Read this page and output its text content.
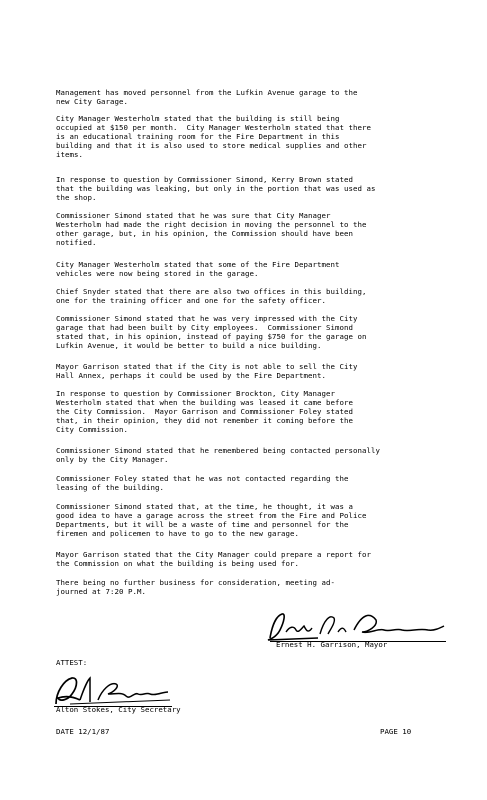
Management has moved personnel from the Lufkin Avenue garage to the
new City Garage.

City Manager Westerholm stated that the building is still being
occupied at $150 per month.  City Manager Westerholm stated that there
is an educational training room for the Fire Department in this
building and that it is also used to store medical supplies and other
items.

In response to question by Commissioner Simond, Kerry Brown stated
that the building was leaking, but only in the portion that was used as
the shop.

Commissioner Simond stated that he was sure that City Manager
Westerholm had made the right decision in moving the personnel to the
other garage, but, in his opinion, the Commission should have been
notified.

City Manager Westerholm stated that some of the Fire Department
vehicles were now being stored in the garage.

Chief Snyder stated that there are also two offices in this building,
one for the training officer and one for the safety officer.

Commissioner Simond stated that he was very impressed with the City
garage that had been built by City employees.  Commissioner Simond
stated that, in his opinion, instead of paying $750 for the garage on
Lufkin Avenue, it would be better to build a nice building.

Mayor Garrison stated that if the City is not able to sell the City
Hall Annex, perhaps it could be used by the Fire Department.

In response to question by Commissioner Brockton, City Manager
Westerholm stated that when the building was leased it came before
the City Commission.  Mayor Garrison and Commissioner Foley stated
that, in their opinion, they did not remember it coming before the
City Commission.

Commissioner Simond stated that he remembered being contacted personally
only by the City Manager.

Commissioner Foley stated that he was not contacted regarding the
leasing of the building.

Commissioner Simond stated that, at the time, he thought, it was a
good idea to have a garage across the street from the Fire and Police
Departments, but it will be a waste of time and personnel for the
firemen and policemen to have to go to the new garage.

Mayor Garrison stated that the City Manager could prepare a report for
the Commission on what the building is being used for.

There being no further business for consideration, meeting ad-
journed at 7:20 P.M.

Ernest H. Garrison, Mayor
ATTEST:
Alton Stokes, City Secretary
DATE 12/1/87	PAGE 10
